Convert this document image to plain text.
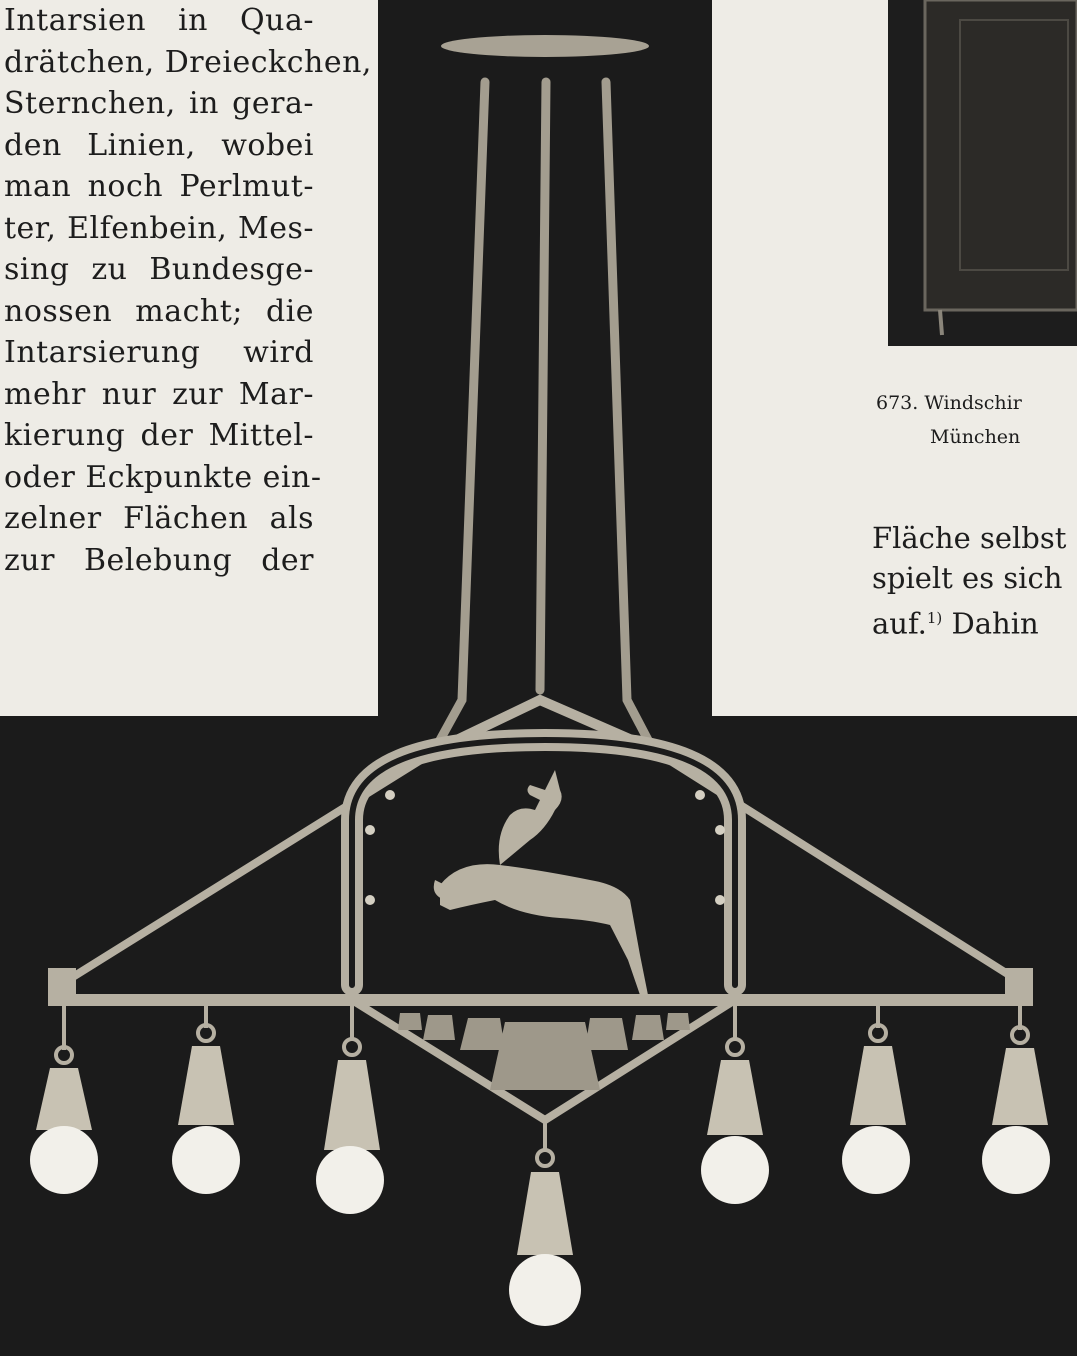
Intarsien in Qua-
drätchen, Dreieckchen,
Sternchen, in gera-
den Linien, wobei
man noch Perlmut-
ter, Elfenbein, Mes-
sing zu Bundesge-
nossen macht; die
Intarsierung wird
mehr nur zur Mar-
kierung der Mittel-
oder Eckpunkte ein-
zelner Flächen als
zur Belebung der
673. Windschir
München
Fläche selbst
spielt es sich
auf.$^{1)}$ Dahin
